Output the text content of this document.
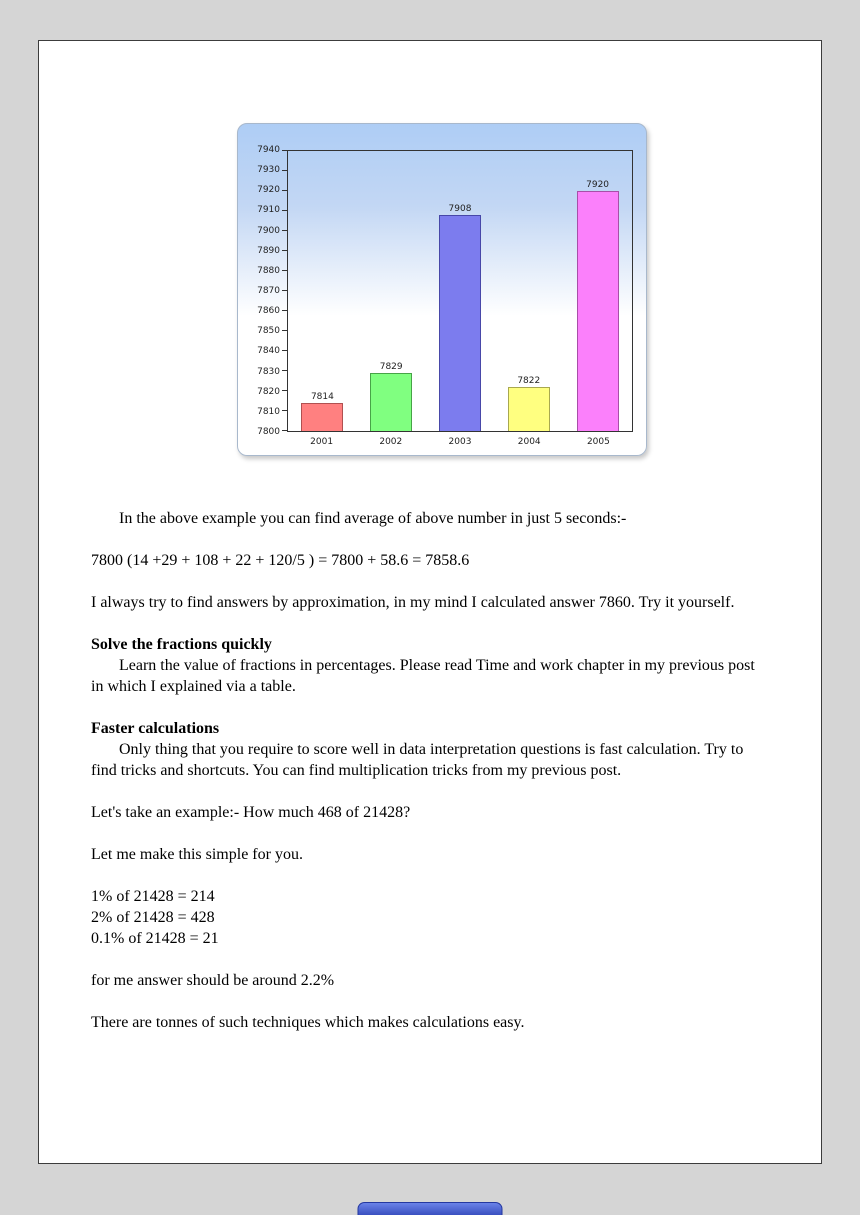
7940
7930
7920
7910
7900
7890
7880
7870
7860
7850
7840
7830
7820
7810
7800
7814
7829
7908
7822
7920
2001	2002	2003	2004	2005

In the above example you can find average of above number in just 5 seconds:-

7800 (14 +29 + 108 + 22 + 120/5 ) = 7800 + 58.6 = 7858.6

I always try to find answers by approximation, in my mind I calculated answer 7860. Try it yourself.

Solve the fractions quickly

Learn the value of fractions in percentages. Please read Time and work chapter in my previous post in which I explained via a table.

Faster calculations

Only thing that you require to score well in data interpretation questions is fast calculation. Try to find tricks and shortcuts. You can find multiplication tricks from my previous post.

Let's take an example:- How much 468 of 21428?

Let me make this simple for you.

1% of 21428 = 214

2% of 21428 = 428

0.1% of 21428 = 21

for me answer should be around 2.2%

There are tonnes of such techniques which makes calculations easy.
